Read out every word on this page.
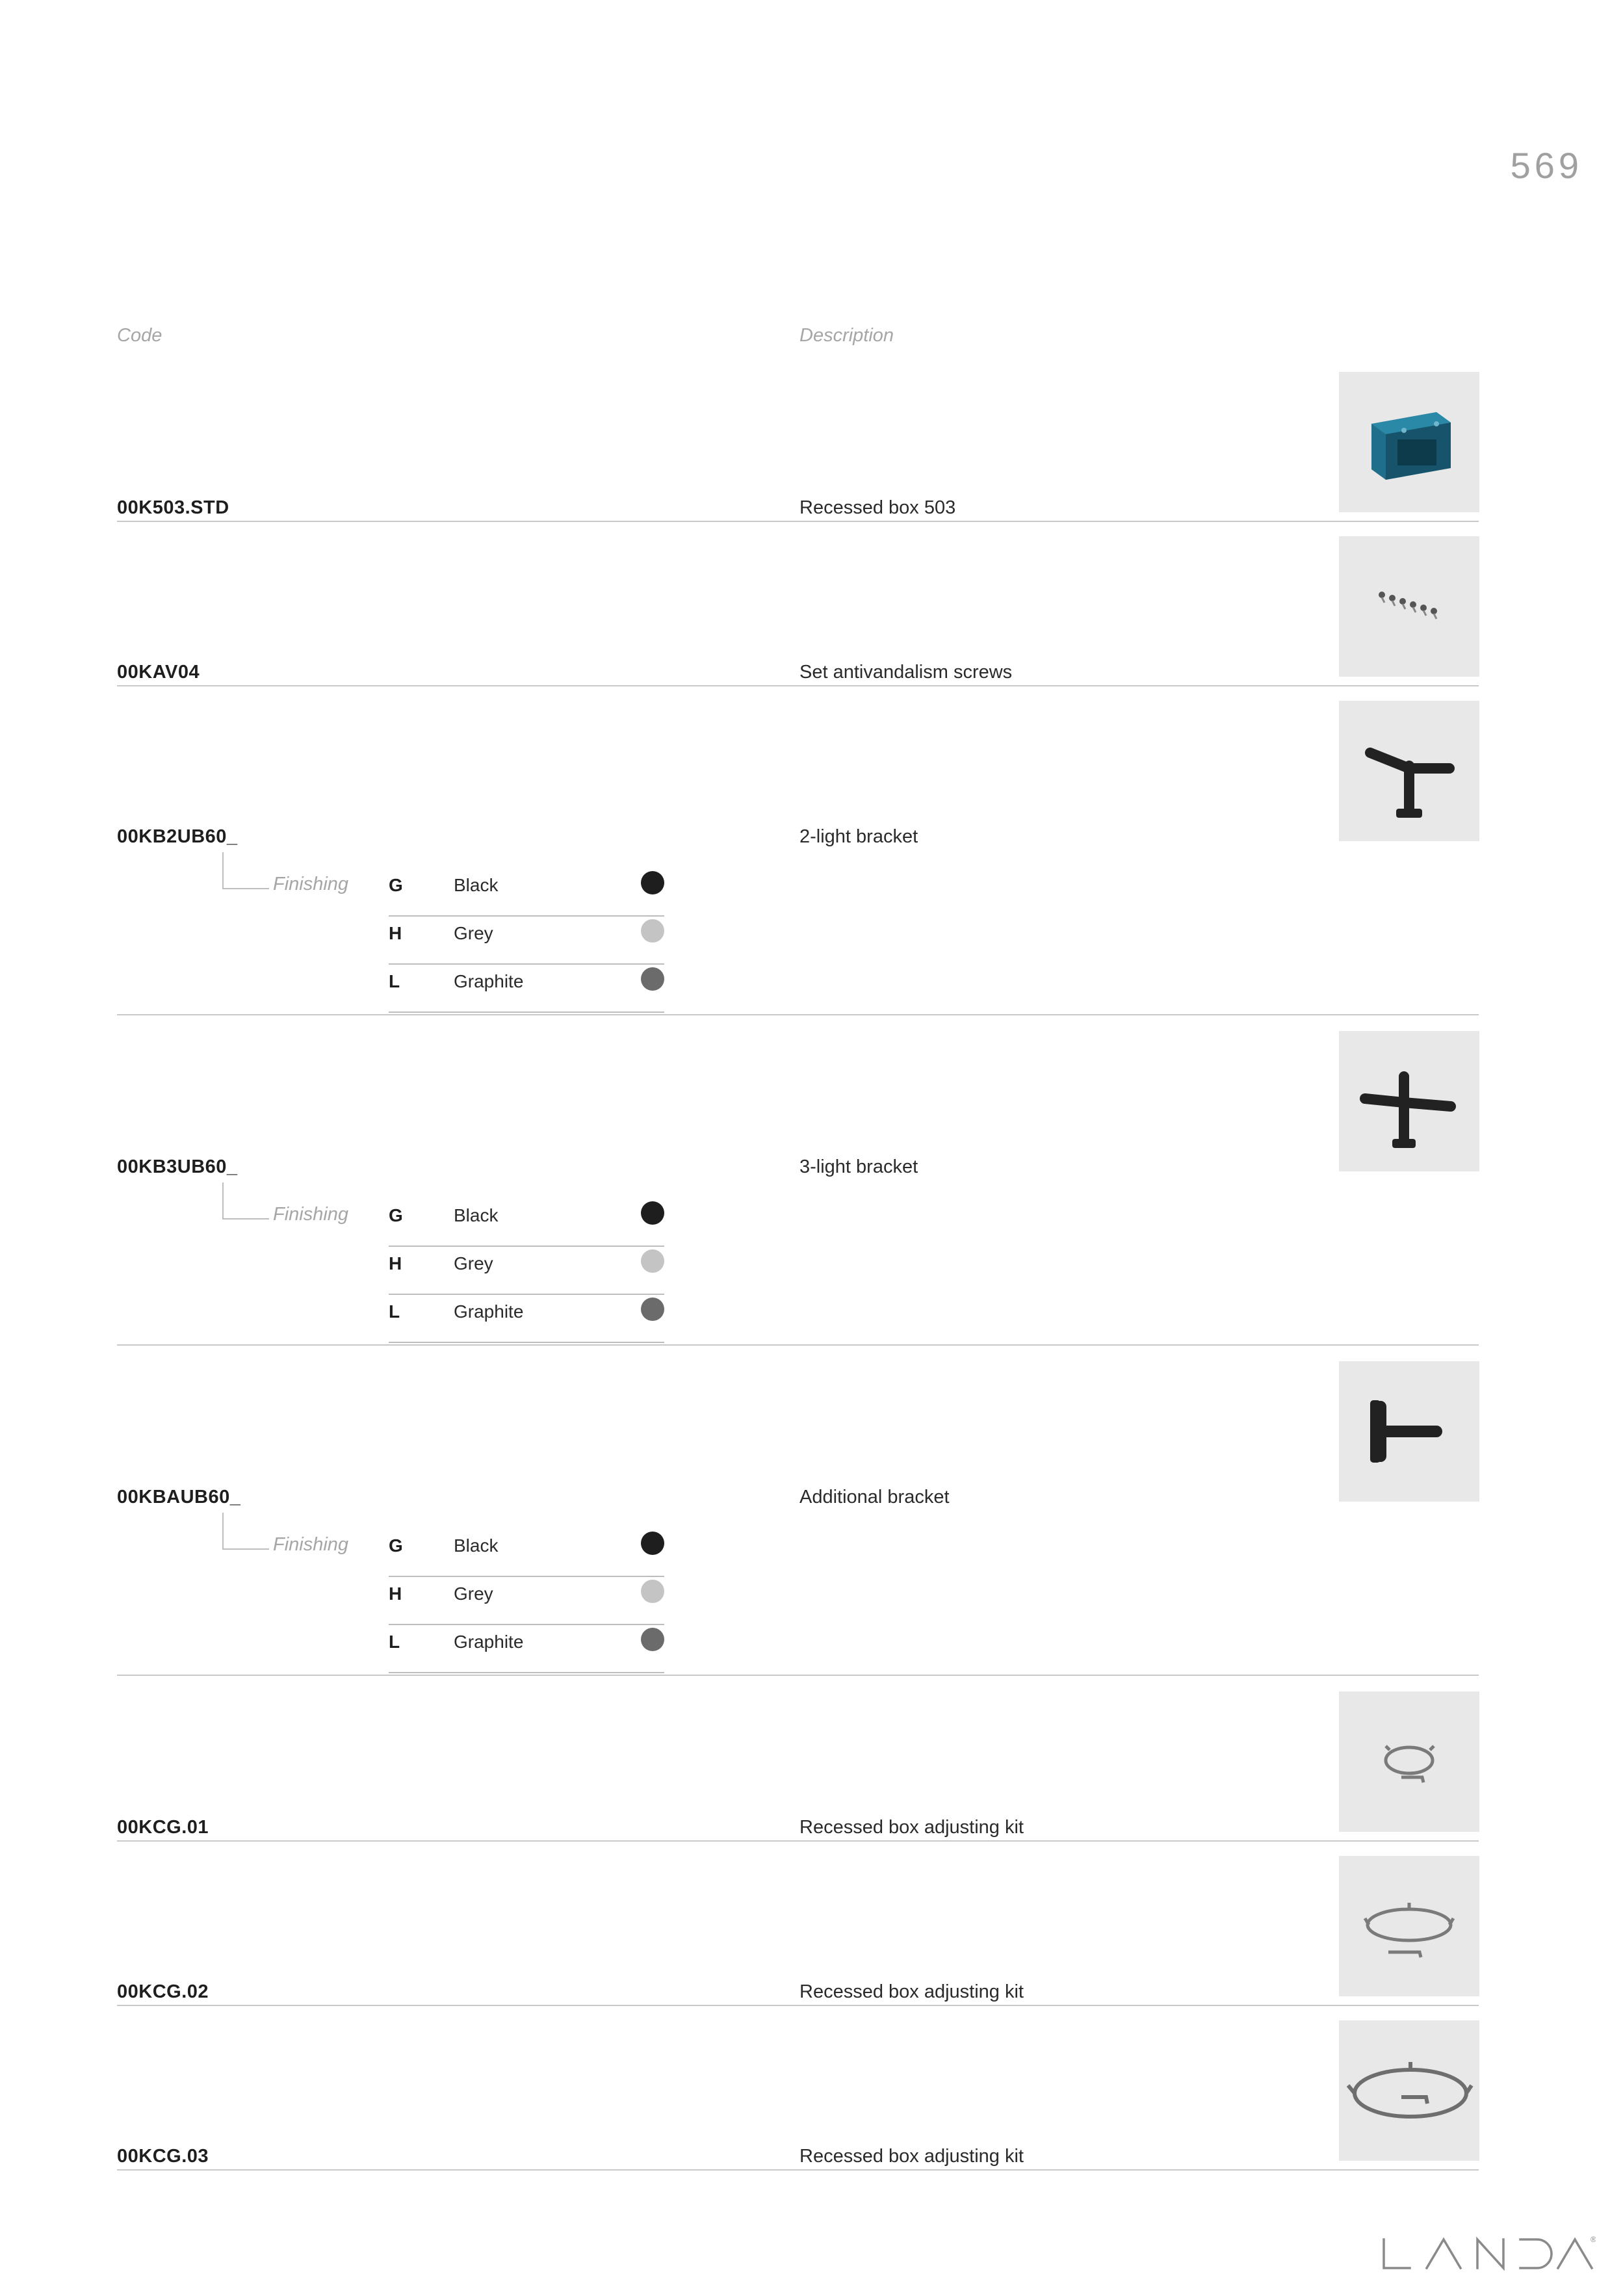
569
Code	Description
00K503.STD	Recessed box 503
00KAV04	Set antivandalism screws
00KB2UB60_	2-light bracket
Finishing G	Black
H	Grey
L	Graphite
00KB3UB60_	3-light bracket
Finishing G	Black
H	Grey
L	Graphite
00KBAUB60_	Additional bracket
Finishing G	Black
H	Grey
L	Graphite
00KCG.01	Recessed box adjusting kit
00KCG.02	Recessed box adjusting kit
00KCG.03	Recessed box adjusting kit
®
